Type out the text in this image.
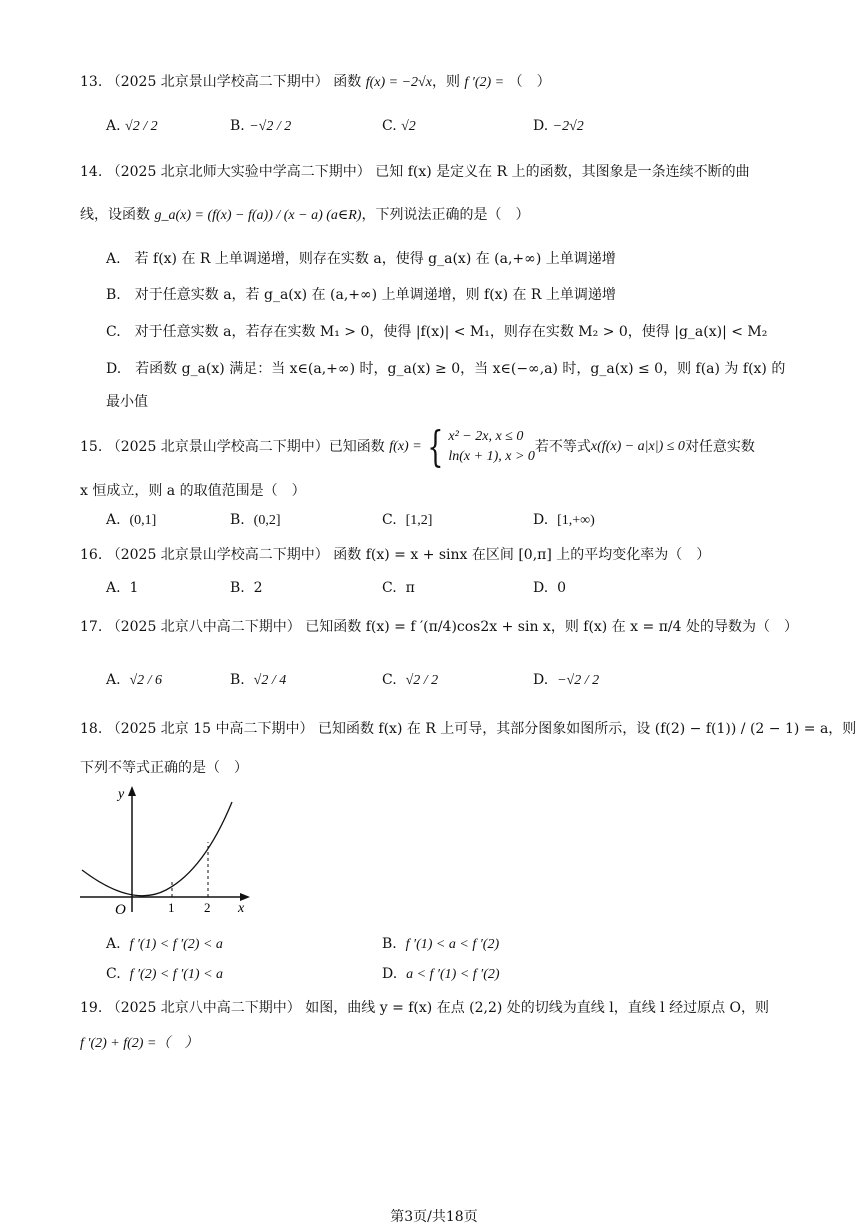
13. （2025 北京景山学校高二下期中） 函数 f(x) = −2√x，则 f ′(2) = （　）
A. √2 / 2	B. −√2 / 2	C. √2	D. −2√2
14. （2025 北京北师大实验中学高二下期中） 已知 f(x) 是定义在 R 上的函数，其图象是一条连续不断的曲
线，设函数 g_a(x) = (f(x) − f(a)) / (x − a) (a∈R)，下列说法正确的是（　）
A.　若 f(x) 在 R 上单调递增，则存在实数 a，使得 g_a(x) 在 (a,+∞) 上单调递增
B.　对于任意实数 a，若 g_a(x) 在 (a,+∞) 上单调递增，则 f(x) 在 R 上单调递增
C.　对于任意实数 a，若存在实数 M₁ > 0，使得 |f(x)| < M₁，则存在实数 M₂ > 0，使得 |g_a(x)| < M₂
D.　若函数 g_a(x) 满足：当 x∈(a,+∞) 时，g_a(x) ≥ 0，当 x∈(−∞,a) 时，g_a(x) ≤ 0，则 f(a) 为 f(x) 的
最小值
15.
（2025 北京景山学校高二下期中） 已知函数
f(x) = { x² − 2x, x ≤ 0
ln(x + 1), x > 0
若不等式 x(f(x) − a|x|) ≤ 0 对任意实数
x 恒成立，则 a 的取值范围是（　）
A. (0,1]	B. (0,2]	C. [1,2]	D. [1,+∞)
16. （2025 北京景山学校高二下期中） 函数 f(x) = x + sinx 在区间 [0,π] 上的平均变化率为（　）
A. 1	B. 2	C. π	D. 0
17. （2025 北京八中高二下期中） 已知函数 f(x) = f ′(π/4)cos2x + sin x，则 f(x) 在 x = π/4 处的导数为（　）
A. √2 / 6	B. √2 / 4	C. √2 / 2	D. −√2 / 2
18. （2025 北京 15 中高二下期中） 已知函数 f(x) 在 R 上可导，其部分图象如图所示，设 (f(2) − f(1)) / (2 − 1) = a，则
下列不等式正确的是（　）
y
x
O	1 2
A. f ′(1) < f ′(2) < a	B. f ′(1) < a < f ′(2)
C. f ′(2) < f ′(1) < a	D. a < f ′(1) < f ′(2)
19. （2025 北京八中高二下期中） 如图，曲线 y = f(x) 在点 (2,2) 处的切线为直线 l，直线 l 经过原点 O，则
f ′(2) + f(2) =（　）
第3页/共18页
